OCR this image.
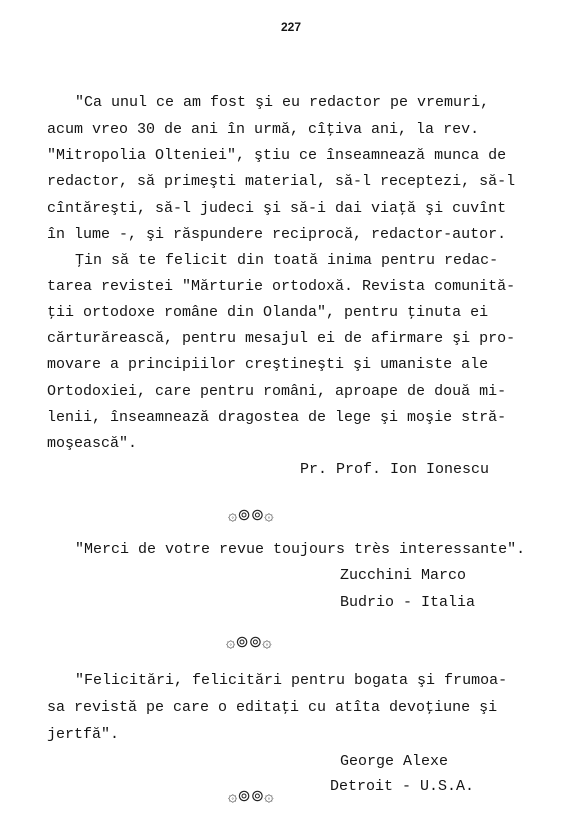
227
"Ca unul ce am fost şi eu redactor pe vremuri,
acum vreo 30 de ani în urmă, cîţiva ani, la rev.
"Mitropolia Olteniei", ştiu ce înseamnează munca de
redactor, să primeşti material, să-l receptezi, să-l
cîntăreşti, să-l judeci şi să-i dai viaţă şi cuvînt
în lume -, şi răspundere reciprocă, redactor-autor.
Ţin să te felicit din toată inima pentru redac-
tarea revistei "Mărturie ortodoxă. Revista comunită-
ţii ortodoxe române din Olanda", pentru ţinuta ei
cărturărească, pentru mesajul ei de afirmare şi pro-
movare a principiilor creştineşti şi umaniste ale
Ortodoxiei, care pentru români, aproape de două mi-
lenii, înseamnează dragostea de lege şi moşie stră-
moşească".
Pr. Prof. Ion Ionescu
۞⊚⊚۞
"Merci de votre revue toujours très interessante".
Zucchini Marco
Budrio - Italia
۞⊚⊚۞
"Felicitări, felicitări pentru bogata şi frumoa-
sa revistă pe care o editaţi cu atîta devoţiune şi
jertfă".
George Alexe
Detroit - U.S.A.
۞⊚⊚۞
